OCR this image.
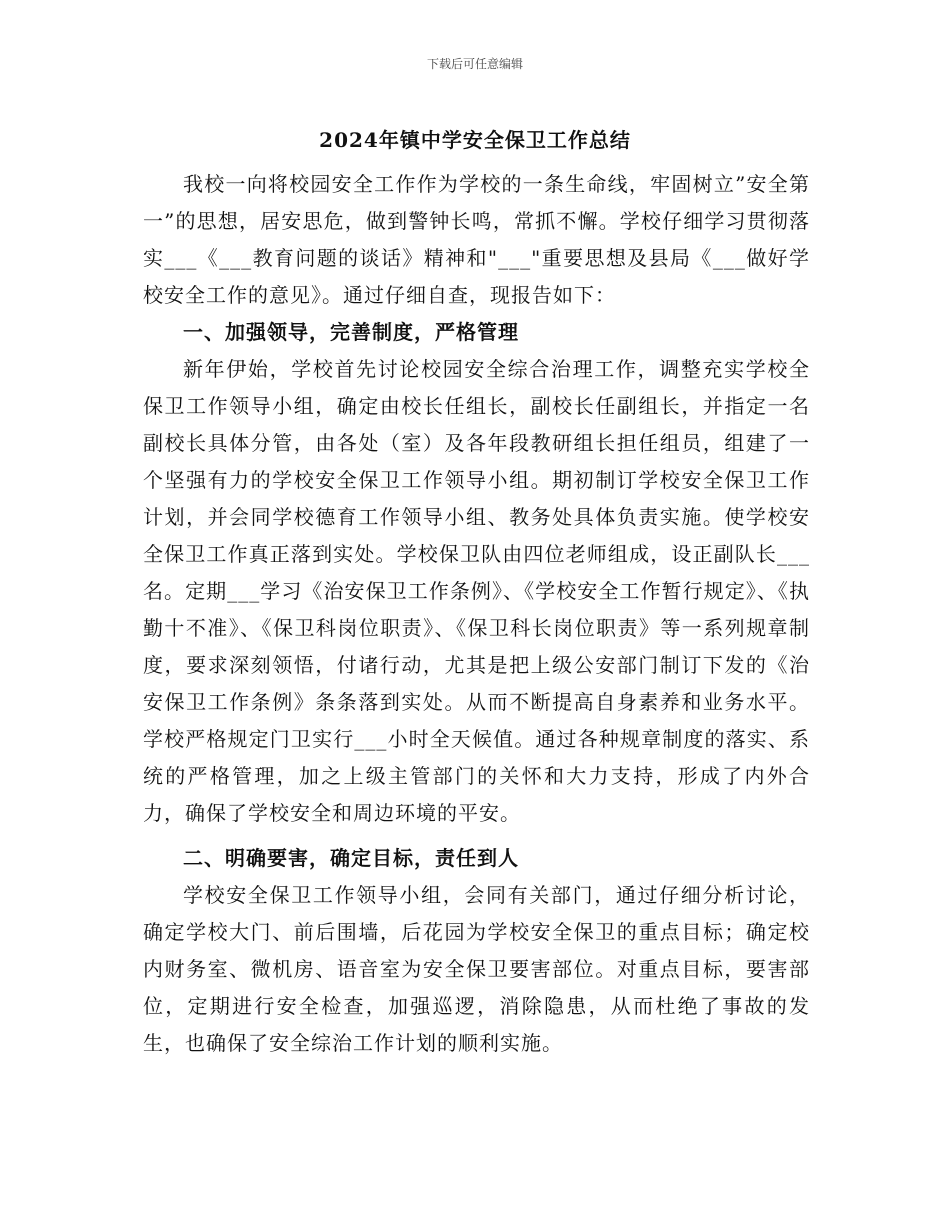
下载后可任意编辑
2024年镇中学安全保卫工作总结

我校一向将校园安全工作作为学校的一条生命线，牢固树立”安全第一”的思想，居安思危，做到警钟长鸣，常抓不懈。学校仔细学习贯彻落实___《___教育问题的谈话》精神和"___"重要思想及县局《___做好学校安全工作的意见》。通过仔细自查，现报告如下：

一、加强领导，完善制度，严格管理

新年伊始，学校首先讨论校园安全综合治理工作，调整充实学校全保卫工作领导小组，确定由校长任组长，副校长任副组长，并指定一名副校长具体分管，由各处（室）及各年段教研组长担任组员，组建了一个坚强有力的学校安全保卫工作领导小组。期初制订学校安全保卫工作计划，并会同学校德育工作领导小组、教务处具体负责实施。使学校安全保卫工作真正落到实处。学校保卫队由四位老师组成，设正副队长___名。定期___学习《治安保卫工作条例》、《学校安全工作暂行规定》、《执勤十不准》、《保卫科岗位职责》、《保卫科长岗位职责》等一系列规章制度，要求深刻领悟，付诸行动，尤其是把上级公安部门制订下发的《治安保卫工作条例》条条落到实处。从而不断提高自身素养和业务水平。学校严格规定门卫实行___小时全天候值。通过各种规章制度的落实、系统的严格管理，加之上级主管部门的关怀和大力支持，形成了内外合力，确保了学校安全和周边环境的平安。

二、明确要害，确定目标，责任到人

学校安全保卫工作领导小组，会同有关部门，通过仔细分析讨论，确定学校大门、前后围墙，后花园为学校安全保卫的重点目标；确定校内财务室、微机房、语音室为安全保卫要害部位。对重点目标，要害部位，定期进行安全检查，加强巡逻，消除隐患，从而杜绝了事故的发生，也确保了安全综治工作计划的顺利实施。
